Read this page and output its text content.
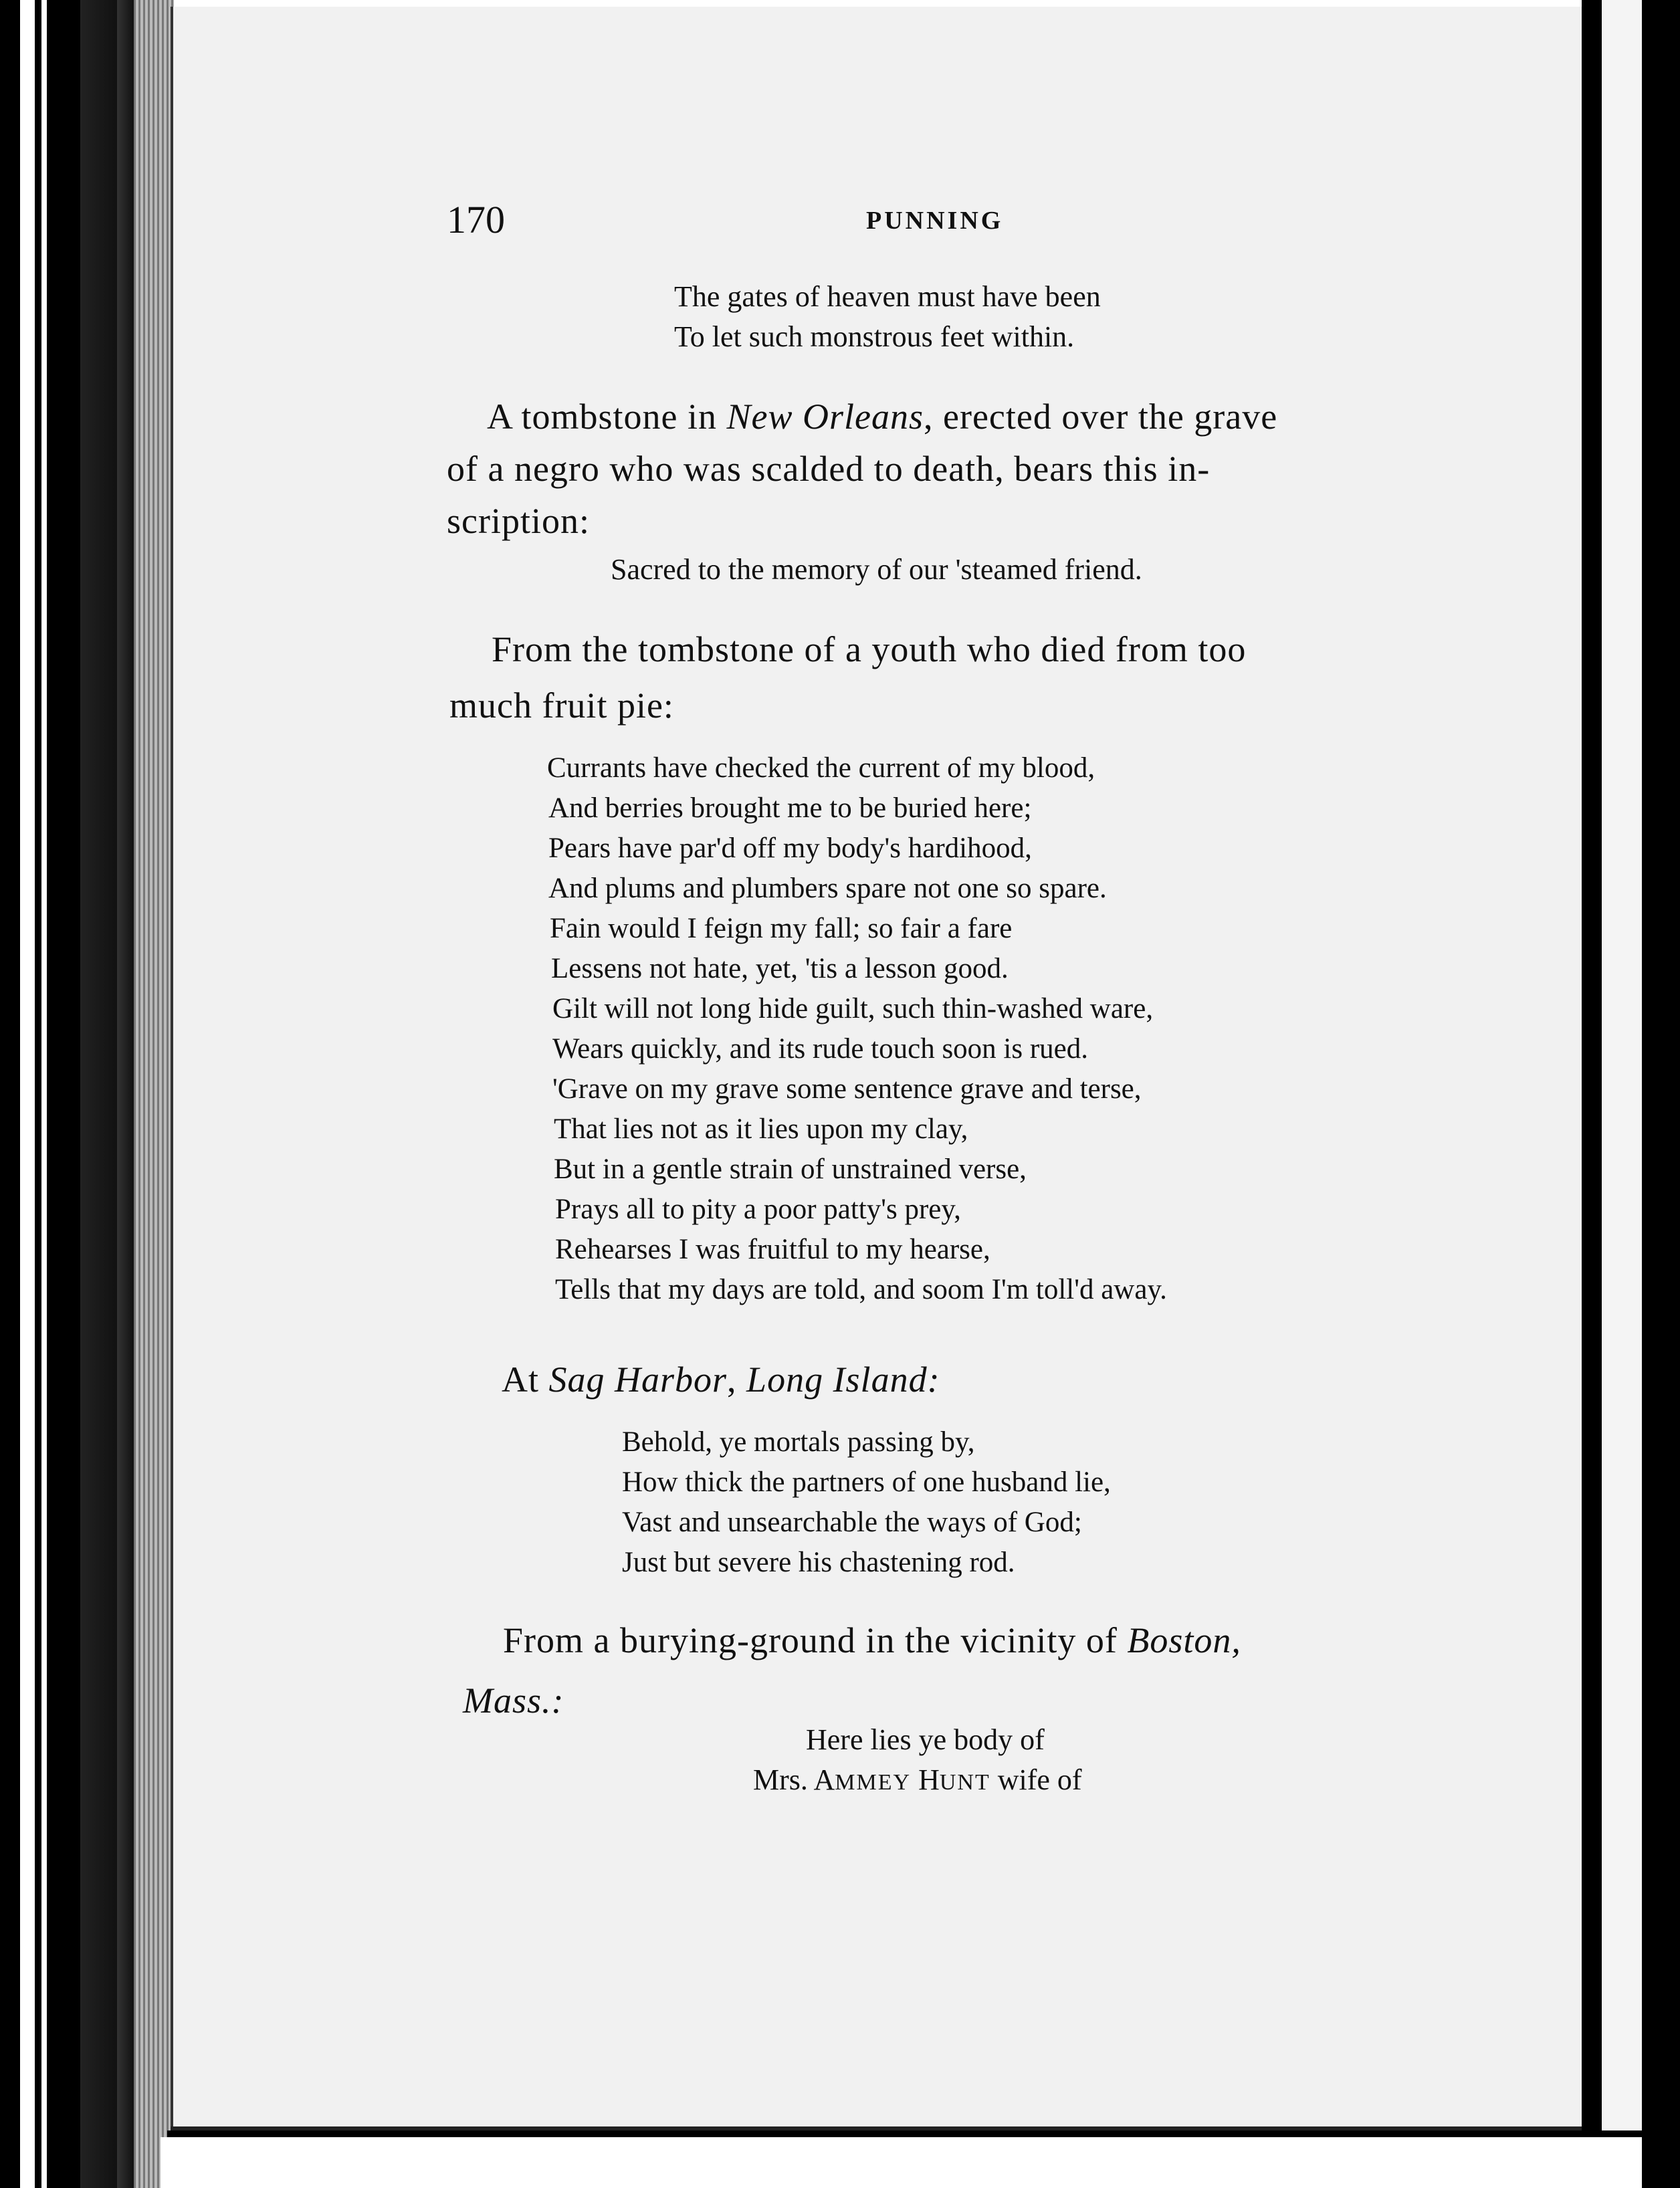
170	PUNNING
The gates of heaven must have been
To let such monstrous feet within.
A tombstone in New Orleans, erected over the grave
of a negro who was scalded to death, bears this in-
scription:
Sacred to the memory of our 'steamed friend.
From the tombstone of a youth who died from too
much fruit pie:
Currants have checked the current of my blood,
And berries brought me to be buried here;
Pears have par'd off my body's hardihood,
And plums and plumbers spare not one so spare.
Fain would I feign my fall; so fair a fare
Lessens not hate, yet, 'tis a lesson good.
Gilt will not long hide guilt, such thin-washed ware,
Wears quickly, and its rude touch soon is rued.
'Grave on my grave some sentence grave and terse,
That lies not as it lies upon my clay,
But in a gentle strain of unstrained verse,
Prays all to pity a poor patty's prey,
Rehearses I was fruitful to my hearse,
Tells that my days are told, and soom I'm toll'd away.
At Sag Harbor, Long Island:
Behold, ye mortals passing by,
How thick the partners of one husband lie,
Vast and unsearchable the ways of God;
Just but severe his chastening rod.
From a burying-ground in the vicinity of Boston,
Mass.:
Here lies ye body of
Mrs. AMMEY HUNT wife of
